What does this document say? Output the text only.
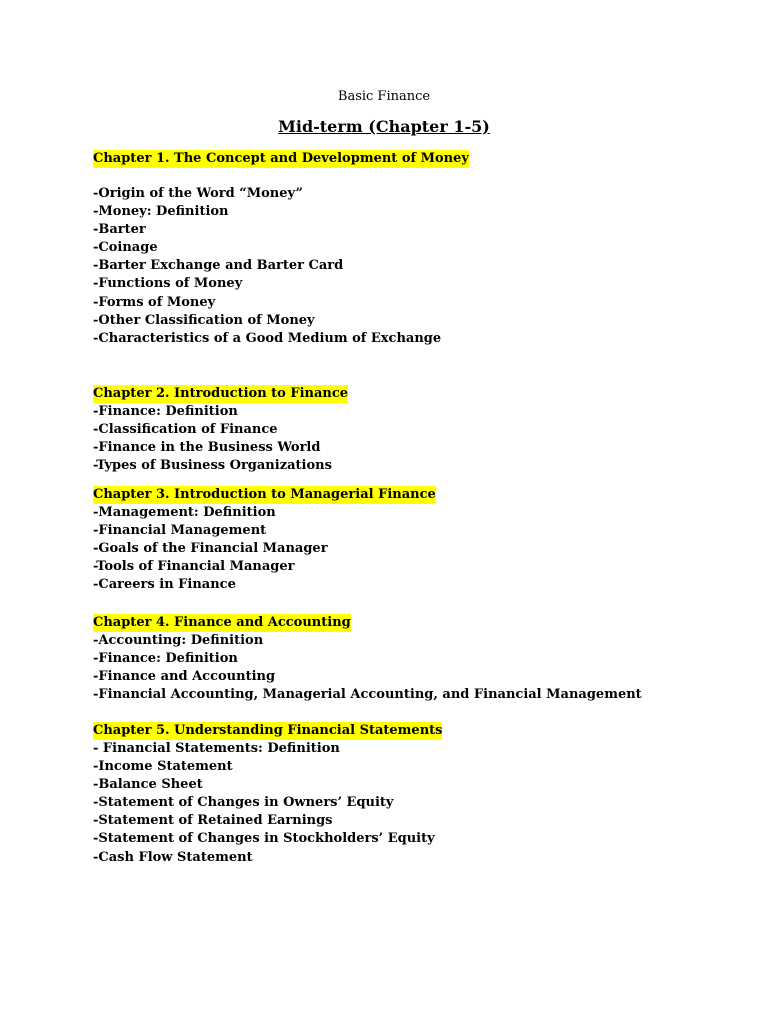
Basic Finance
Mid-term (Chapter 1-5)
Chapter 1. The Concept and Development of Money
-Origin of the Word “Money”
-Money: Definition
-Barter
-Coinage
-Barter Exchange and Barter Card
-Functions of Money
-Forms of Money
-Other Classification of Money
-Characteristics of a Good Medium of Exchange
Chapter 2. Introduction to Finance
-Finance: Definition
-Classification of Finance
-Finance in the Business World
-Types of Business Organizations
Chapter 3. Introduction to Managerial Finance
-Management: Definition
-Financial Management
-Goals of the Financial Manager
-Tools of Financial Manager
-Careers in Finance
Chapter 4. Finance and Accounting
-Accounting: Definition
-Finance: Definition
-Finance and Accounting
-Financial Accounting, Managerial Accounting, and Financial Management
Chapter 5. Understanding Financial Statements
- Financial Statements: Definition
-Income Statement
-Balance Sheet
-Statement of Changes in Owners’ Equity
-Statement of Retained Earnings
-Statement of Changes in Stockholders’ Equity
-Cash Flow Statement
